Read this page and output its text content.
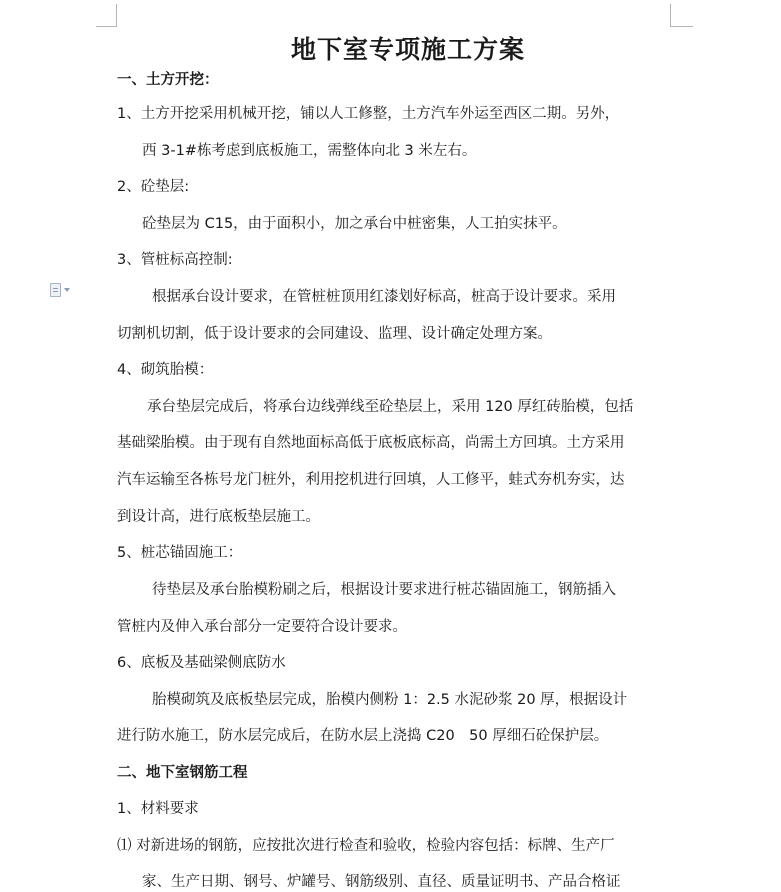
地下室专项施工方案

一、土方开挖：

1、土方开挖采用机械开挖，铺以人工修整，土方汽车外运至西区二期。另外，

西 3-1#栋考虑到底板施工，需整体向北 3 米左右。

2、砼垫层:

砼垫层为 C15，由于面积小，加之承台中桩密集，人工拍实抹平。

3、管桩标高控制:

根据承台设计要求，在管桩桩顶用红漆划好标高，桩高于设计要求。采用

切割机切割，低于设计要求的会同建设、监理、设计确定处理方案。

4、砌筑胎模：

承台垫层完成后，将承台边线弹线至砼垫层上，采用 120 厚红砖胎模，包括

基础梁胎模。由于现有自然地面标高低于底板底标高，尚需土方回填。土方采用

汽车运输至各栋号龙门桩外，利用挖机进行回填，人工修平，蛙式夯机夯实，达

到设计高，进行底板垫层施工。

5、桩芯锚固施工：

待垫层及承台胎模粉刷之后，根据设计要求进行桩芯锚固施工，钢筋插入

管桩内及伸入承台部分一定要符合设计要求。

6、底板及基础梁侧底防水

胎模砌筑及底板垫层完成，胎模内侧粉 1：2.5 水泥砂浆 20 厚，根据设计

进行防水施工，防水层完成后，在防水层上浇捣 C20　50 厚细石砼保护层。

二、地下室钢筋工程

1、材料要求

⑴ 对新进场的钢筋，应按批次进行检查和验收，检验内容包括：标牌、生产厂

家、生产日期、钢号、炉罐号、钢筋级别、直径、质量证明书、产品合格证
